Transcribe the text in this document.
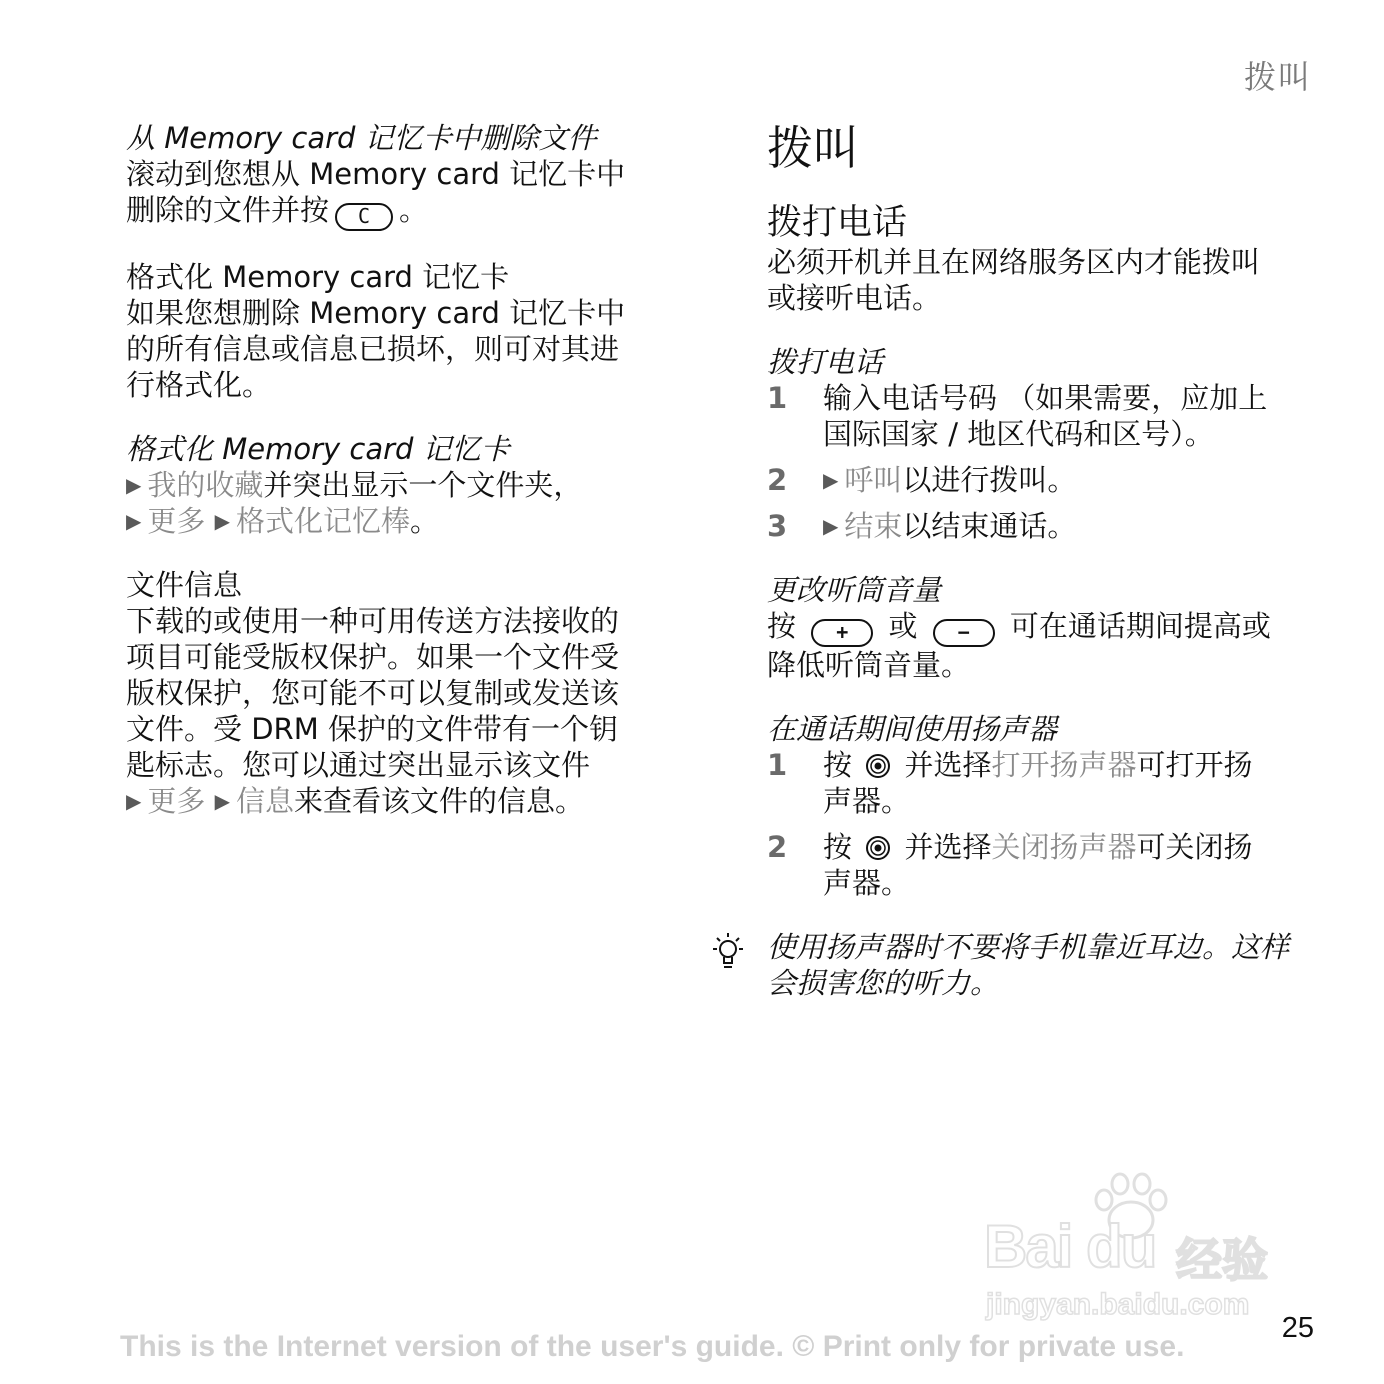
拨叫

从 Memory card 记忆卡中删除文件

滚动到您想从 Memory card 记忆卡中

删除的文件并按 C 。

格式化 Memory card 记忆卡

如果您想删除 Memory card 记忆卡中

的所有信息或信息已损坏，则可对其进

行格式化。

格式化 Memory card 记忆卡

▶ 我的收藏并突出显示一个文件夹，

▶ 更多 ▶ 格式化记忆棒。

文件信息

下载的或使用一种可用传送方法接收的

项目可能受版权保护。如果一个文件受

版权保护，您可能不可以复制或发送该

文件。受 DRM 保护的文件带有一个钥

匙标志。您可以通过突出显示该文件

▶ 更多 ▶ 信息来查看该文件的信息。

拨叫
拨打电话

必须开机并且在网络服务区内才能拨叫

或接听电话。

拨打电话

1	输入电话号码 （如果需要，应加上

国际国家 / 地区代码和区号）。

2	▶ 呼叫以进行拨叫。

3	▶ 结束以结束通话。

更改听筒音量

按 + 或 − 可在通话期间提高或

降低听筒音量。

在通话期间使用扬声器

1	按 并选择打开扬声器可打开扬

声器。

2	按 并选择关闭扬声器可关闭扬

声器。

使用扬声器时不要将手机靠近耳边。这样

会损害您的听力。

Bai du 经验
jingyan.baidu.com
25
This is the Internet version of the user's guide. © Print only for private use.
